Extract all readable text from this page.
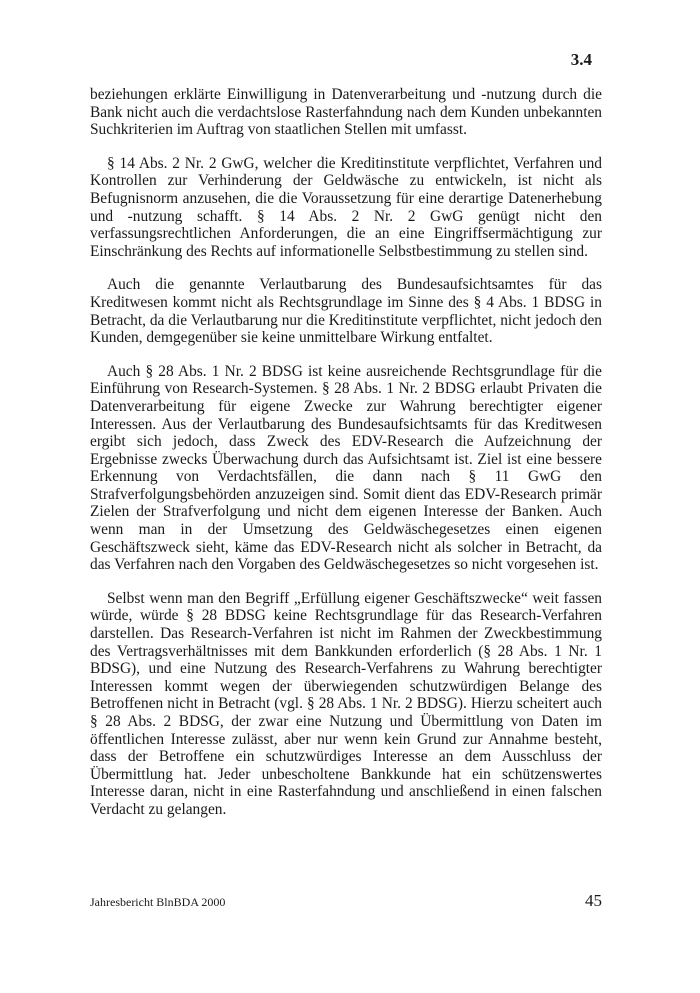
3.4

beziehungen erklärte Einwilligung in Datenverarbeitung und -nutzung durch die Bank nicht auch die verdachtslose Rasterfahndung nach dem Kunden unbekannten Suchkriterien im Auftrag von staatlichen Stellen mit umfasst.

§ 14 Abs. 2 Nr. 2 GwG, welcher die Kreditinstitute verpflichtet, Verfahren und Kontrollen zur Verhinderung der Geldwäsche zu entwickeln, ist nicht als Befugnisnorm anzusehen, die die Voraussetzung für eine derartige Datenerhebung und -nutzung schafft. § 14 Abs. 2 Nr. 2 GwG genügt nicht den verfassungsrechtlichen Anforderungen, die an eine Eingriffsermächtigung zur Einschränkung des Rechts auf informationelle Selbstbestimmung zu stellen sind.

Auch die genannte Verlautbarung des Bundesaufsichtsamtes für das Kreditwesen kommt nicht als Rechtsgrundlage im Sinne des § 4 Abs. 1 BDSG in Betracht, da die Verlautbarung nur die Kreditinstitute verpflichtet, nicht jedoch den Kunden, demgegenüber sie keine unmittelbare Wirkung entfaltet.

Auch § 28 Abs. 1 Nr. 2 BDSG ist keine ausreichende Rechtsgrundlage für die Einführung von Research-Systemen. § 28 Abs. 1 Nr. 2 BDSG erlaubt Privaten die Datenverarbeitung für eigene Zwecke zur Wahrung berechtigter eigener Interessen. Aus der Verlautbarung des Bundesaufsichtsamts für das Kreditwesen ergibt sich jedoch, dass Zweck des EDV-Research die Aufzeichnung der Ergebnisse zwecks Überwachung durch das Aufsichtsamt ist. Ziel ist eine bessere Erkennung von Verdachtsfällen, die dann nach § 11 GwG den Strafverfolgungsbehörden anzuzeigen sind. Somit dient das EDV-Research primär Zielen der Strafverfolgung und nicht dem eigenen Interesse der Banken. Auch wenn man in der Umsetzung des Geldwäschegesetzes einen eigenen Geschäftszweck sieht, käme das EDV-Research nicht als solcher in Betracht, da das Verfahren nach den Vorgaben des Geldwäschegesetzes so nicht vorgesehen ist.

Selbst wenn man den Begriff „Erfüllung eigener Geschäftszwecke“ weit fassen würde, würde § 28 BDSG keine Rechtsgrundlage für das Research-Verfahren darstellen. Das Research-Verfahren ist nicht im Rahmen der Zweckbestimmung des Vertragsverhältnisses mit dem Bankkunden erforderlich (§ 28 Abs. 1 Nr. 1 BDSG), und eine Nutzung des Research-Verfahrens zu Wahrung berechtigter Interessen kommt wegen der überwiegenden schutzwürdigen Belange des Betroffenen nicht in Betracht (vgl. § 28 Abs. 1 Nr. 2 BDSG). Hierzu scheitert auch § 28 Abs. 2 BDSG, der zwar eine Nutzung und Übermittlung von Daten im öffentlichen Interesse zulässt, aber nur wenn kein Grund zur Annahme besteht, dass der Betroffene ein schutzwürdiges Interesse an dem Ausschluss der Übermittlung hat. Jeder unbescholtene Bankkunde hat ein schützenswertes Interesse daran, nicht in eine Rasterfahndung und anschließend in einen falschen Verdacht zu gelangen.

Jahresbericht BlnBDA 2000	45
